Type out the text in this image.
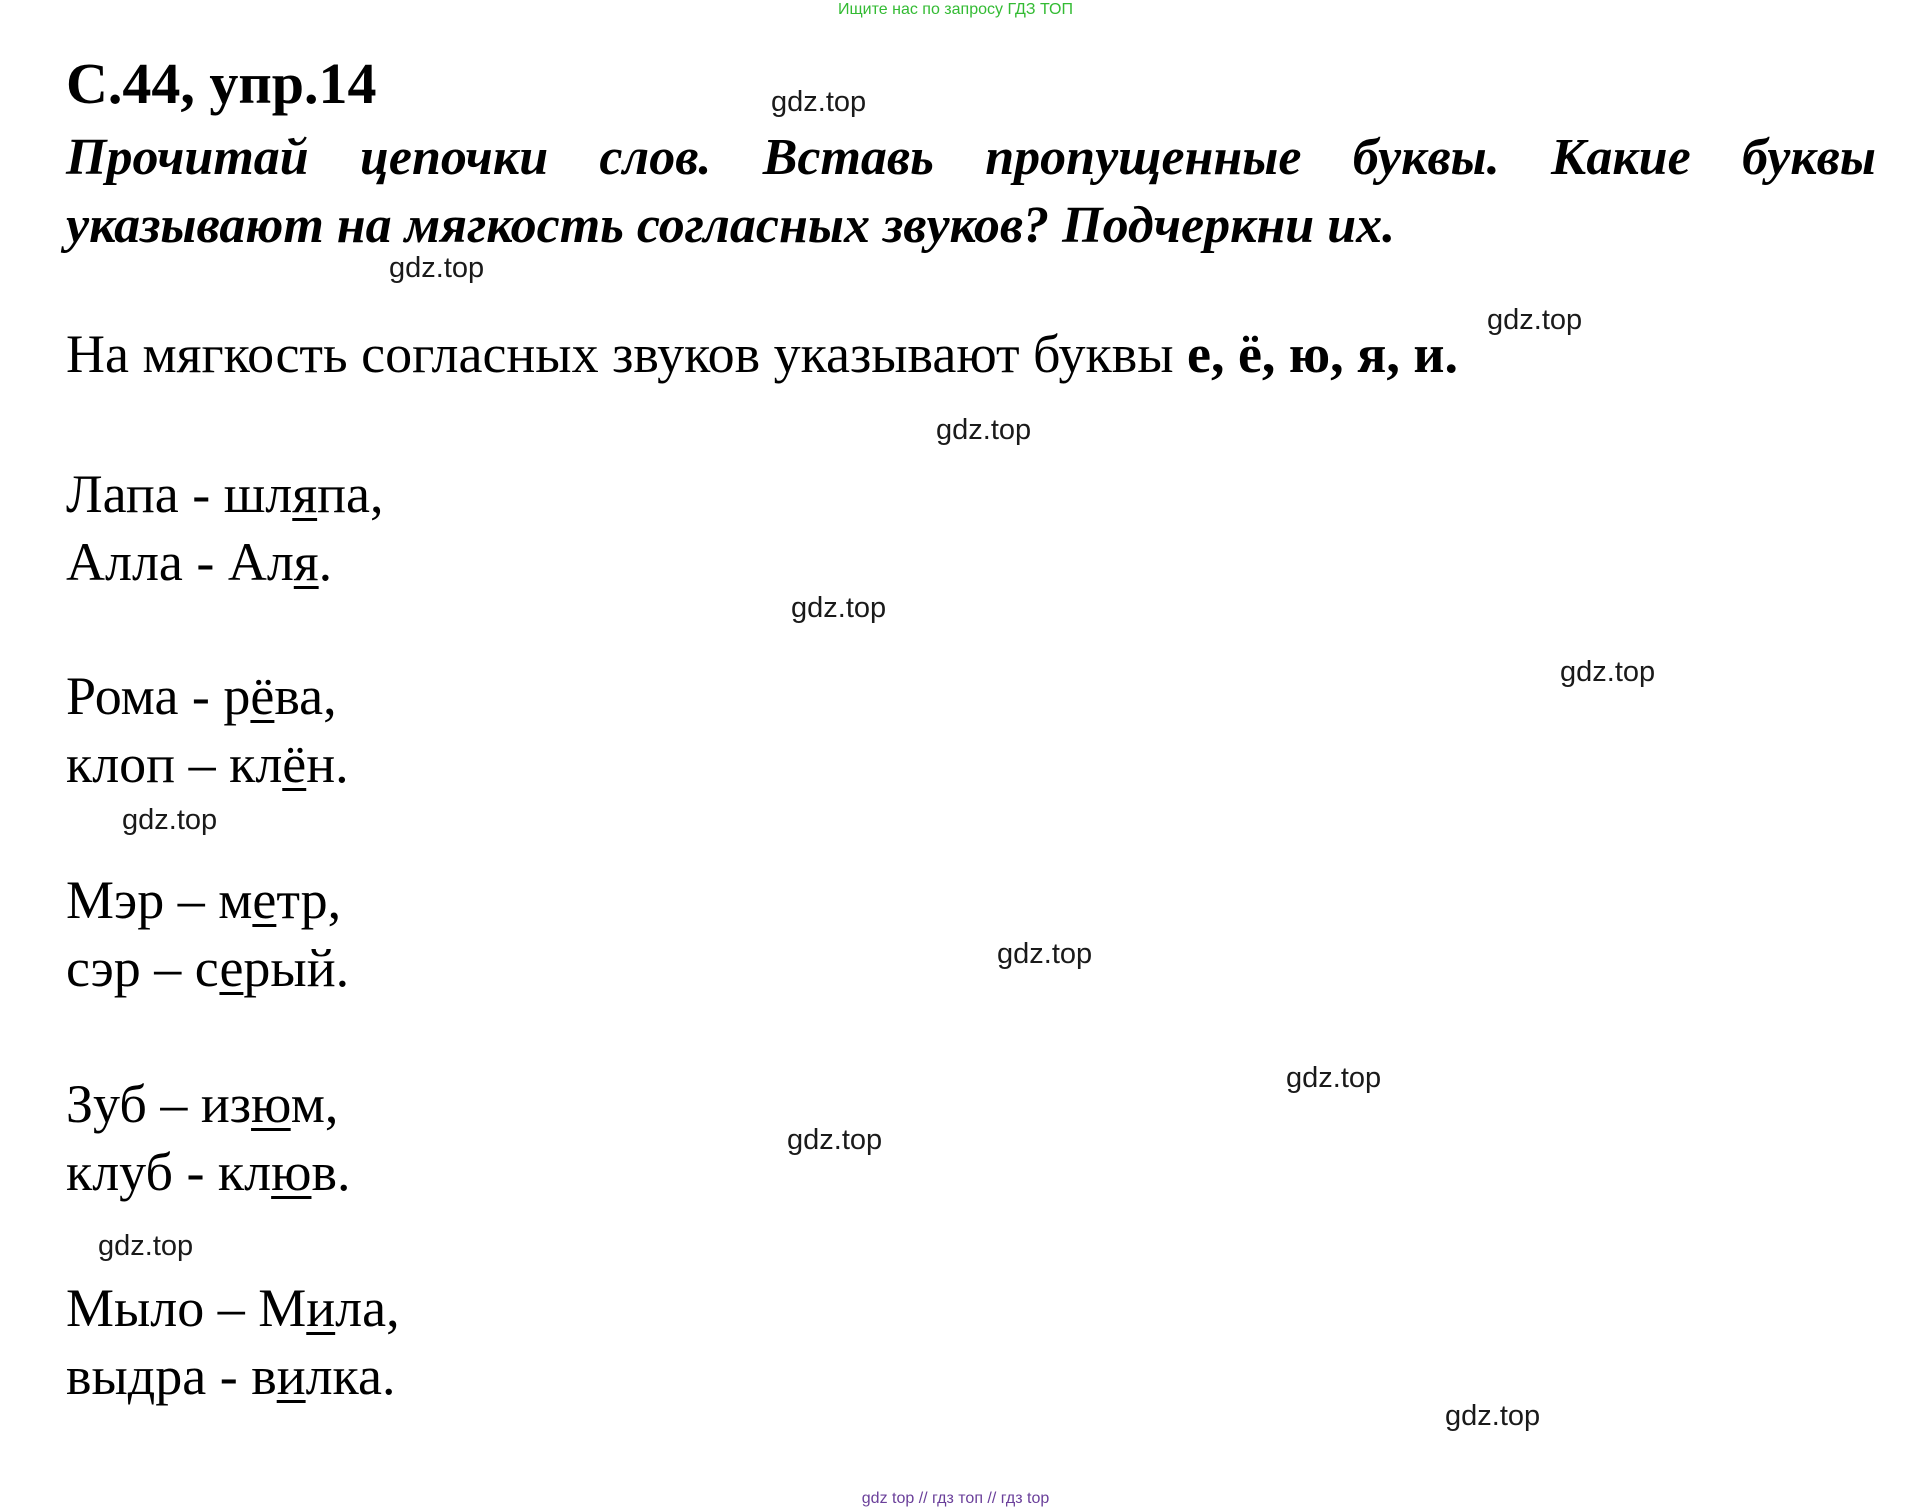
Ищите нас по запросу ГДЗ ТОП
С.44, упр.14
Прочитай цепочки слов. Вставь пропущенные буквы. Какие буквы
указывают на мягкость согласных звуков? Подчеркни их.

На мягкость согласных звуков указывают буквы е, ё, ю, я, и.

Лапа - шляпа,
Алла - Аля.
Рома - рёва,
клоп – клён.
Мэр – метр,
сэр – серый.
Зуб – изюм,
клуб - клюв.
Мыло – Мила,
выдра - вилка.
gdz.top
gdz.top
gdz.top
gdz.top
gdz.top
gdz.top
gdz.top
gdz.top
gdz.top
gdz.top
gdz.top
gdz.top
gdz top // гдз топ // гдз top
